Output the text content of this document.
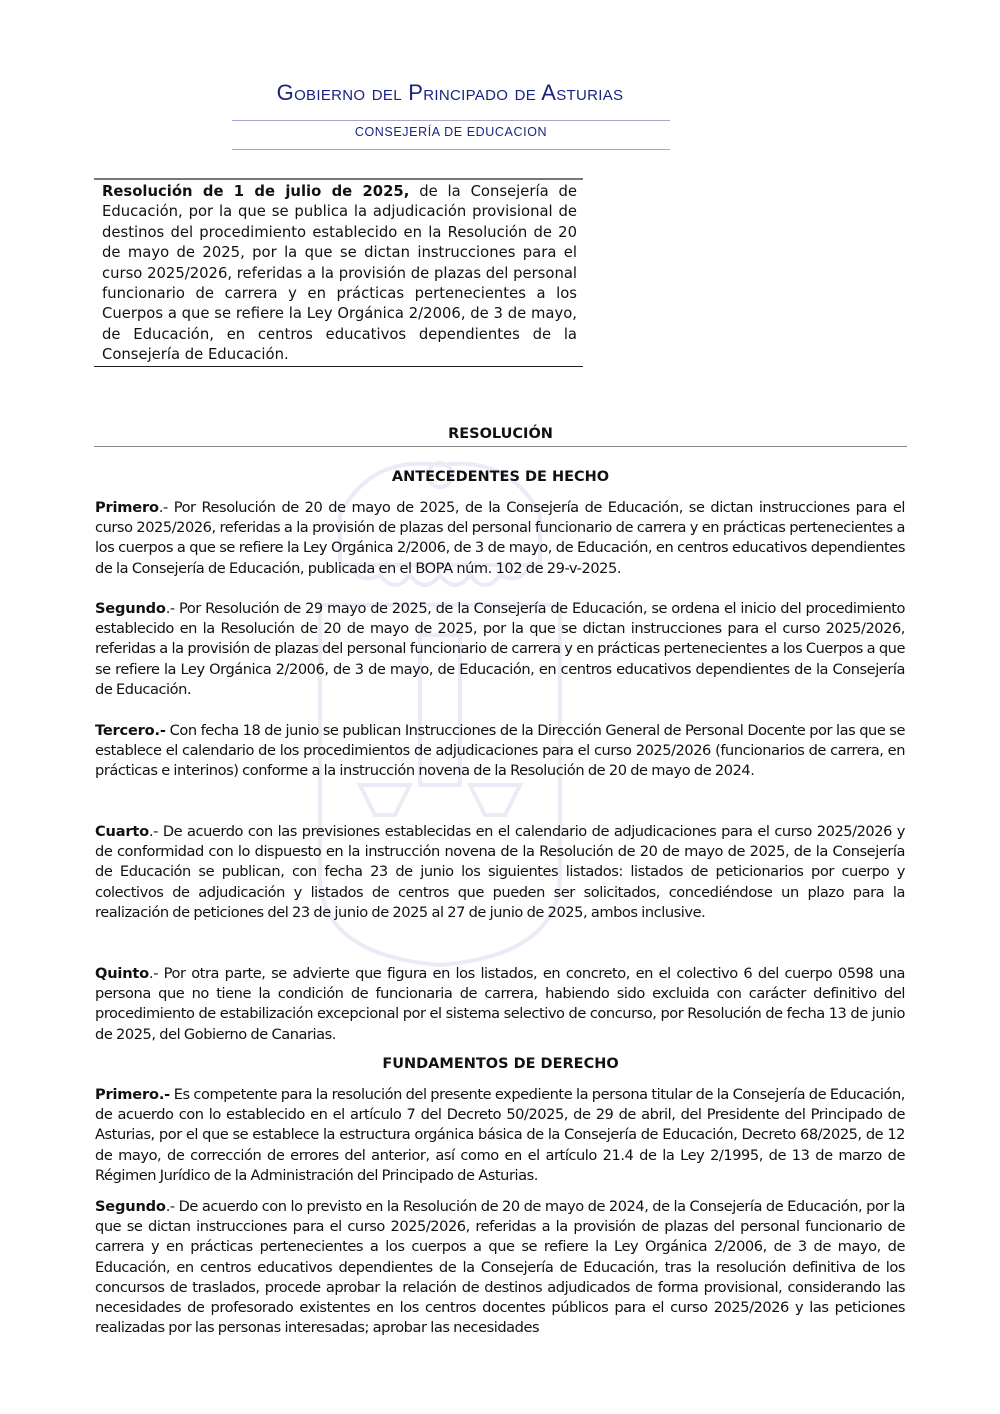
Gobierno del Principado de Asturias
CONSEJERÍA DE EDUCACION
Resolución de 1 de julio de 2025, de la Consejería de Educación, por la que se publica la adjudicación provisional de destinos del procedimiento establecido en la Resolución de 20 de mayo de 2025, por la que se dictan instrucciones para el curso 2025/2026, referidas a la provisión de plazas del personal funcionario de carrera y en prácticas pertenecientes a los Cuerpos a que se refiere la Ley Orgánica 2/2006, de 3 de mayo, de Educación, en centros educativos dependientes de la Consejería de Educación.
RESOLUCIÓN
ANTECEDENTES DE HECHO
Primero.- Por Resolución de 20 de mayo de 2025, de la Consejería de Educación, se dictan instrucciones para el curso 2025/2026, referidas a la provisión de plazas del personal funcionario de carrera y en prácticas pertenecientes a los cuerpos a que se refiere la Ley Orgánica 2/2006, de 3 de mayo, de Educación, en centros educativos dependientes de la Consejería de Educación, publicada en el BOPA núm. 102 de 29-v-2025.
Segundo.- Por Resolución de 29 mayo de 2025, de la Consejería de Educación, se ordena el inicio del procedimiento establecido en la Resolución de 20 de mayo de 2025, por la que se dictan instrucciones para el curso 2025/2026, referidas a la provisión de plazas del personal funcionario de carrera y en prácticas pertenecientes a los Cuerpos a que se refiere la Ley Orgánica 2/2006, de 3 de mayo, de Educación, en centros educativos dependientes de la Consejería de Educación.
Tercero.- Con fecha 18 de junio se publican Instrucciones de la Dirección General de Personal Docente por las que se establece el calendario de los procedimientos de adjudicaciones para el curso 2025/2026 (funcionarios de carrera, en prácticas e interinos) conforme a la instrucción novena de la Resolución de 20 de mayo de 2024.
Cuarto.- De acuerdo con las previsiones establecidas en el calendario de adjudicaciones para el curso 2025/2026 y de conformidad con lo dispuesto en la instrucción novena de la Resolución de 20 de mayo de 2025, de la Consejería de Educación se publican, con fecha 23 de junio los siguientes listados: listados de peticionarios por cuerpo y colectivos de adjudicación y listados de centros que pueden ser solicitados, concediéndose un plazo para la realización de peticiones del 23 de junio de 2025 al 27 de junio de 2025, ambos inclusive.
Quinto.- Por otra parte, se advierte que figura en los listados, en concreto, en el colectivo 6 del cuerpo 0598 una persona que no tiene la condición de funcionaria de carrera, habiendo sido excluida con carácter definitivo del procedimiento de estabilización excepcional por el sistema selectivo de concurso, por Resolución de fecha 13 de junio de 2025, del Gobierno de Canarias.
FUNDAMENTOS DE DERECHO
Primero.- Es competente para la resolución del presente expediente la persona titular de la Consejería de Educación, de acuerdo con lo establecido en el artículo 7 del Decreto 50/2025, de 29 de abril, del Presidente del Principado de Asturias, por el que se establece la estructura orgánica básica de la Consejería de Educación, Decreto 68/2025, de 12 de mayo, de corrección de errores del anterior, así como en el artículo 21.4 de la Ley 2/1995, de 13 de marzo de Régimen Jurídico de la Administración del Principado de Asturias.
Segundo.- De acuerdo con lo previsto en la Resolución de 20 de mayo de 2024, de la Consejería de Educación, por la que se dictan instrucciones para el curso 2025/2026, referidas a la provisión de plazas del personal funcionario de carrera y en prácticas pertenecientes a los cuerpos a que se refiere la Ley Orgánica 2/2006, de 3 de mayo, de Educación, en centros educativos dependientes de la Consejería de Educación, tras la resolución definitiva de los concursos de traslados, procede aprobar la relación de destinos adjudicados de forma provisional, considerando las necesidades de profesorado existentes en los centros docentes públicos para el curso 2025/2026 y las peticiones realizadas por las personas interesadas; aprobar las necesidades
